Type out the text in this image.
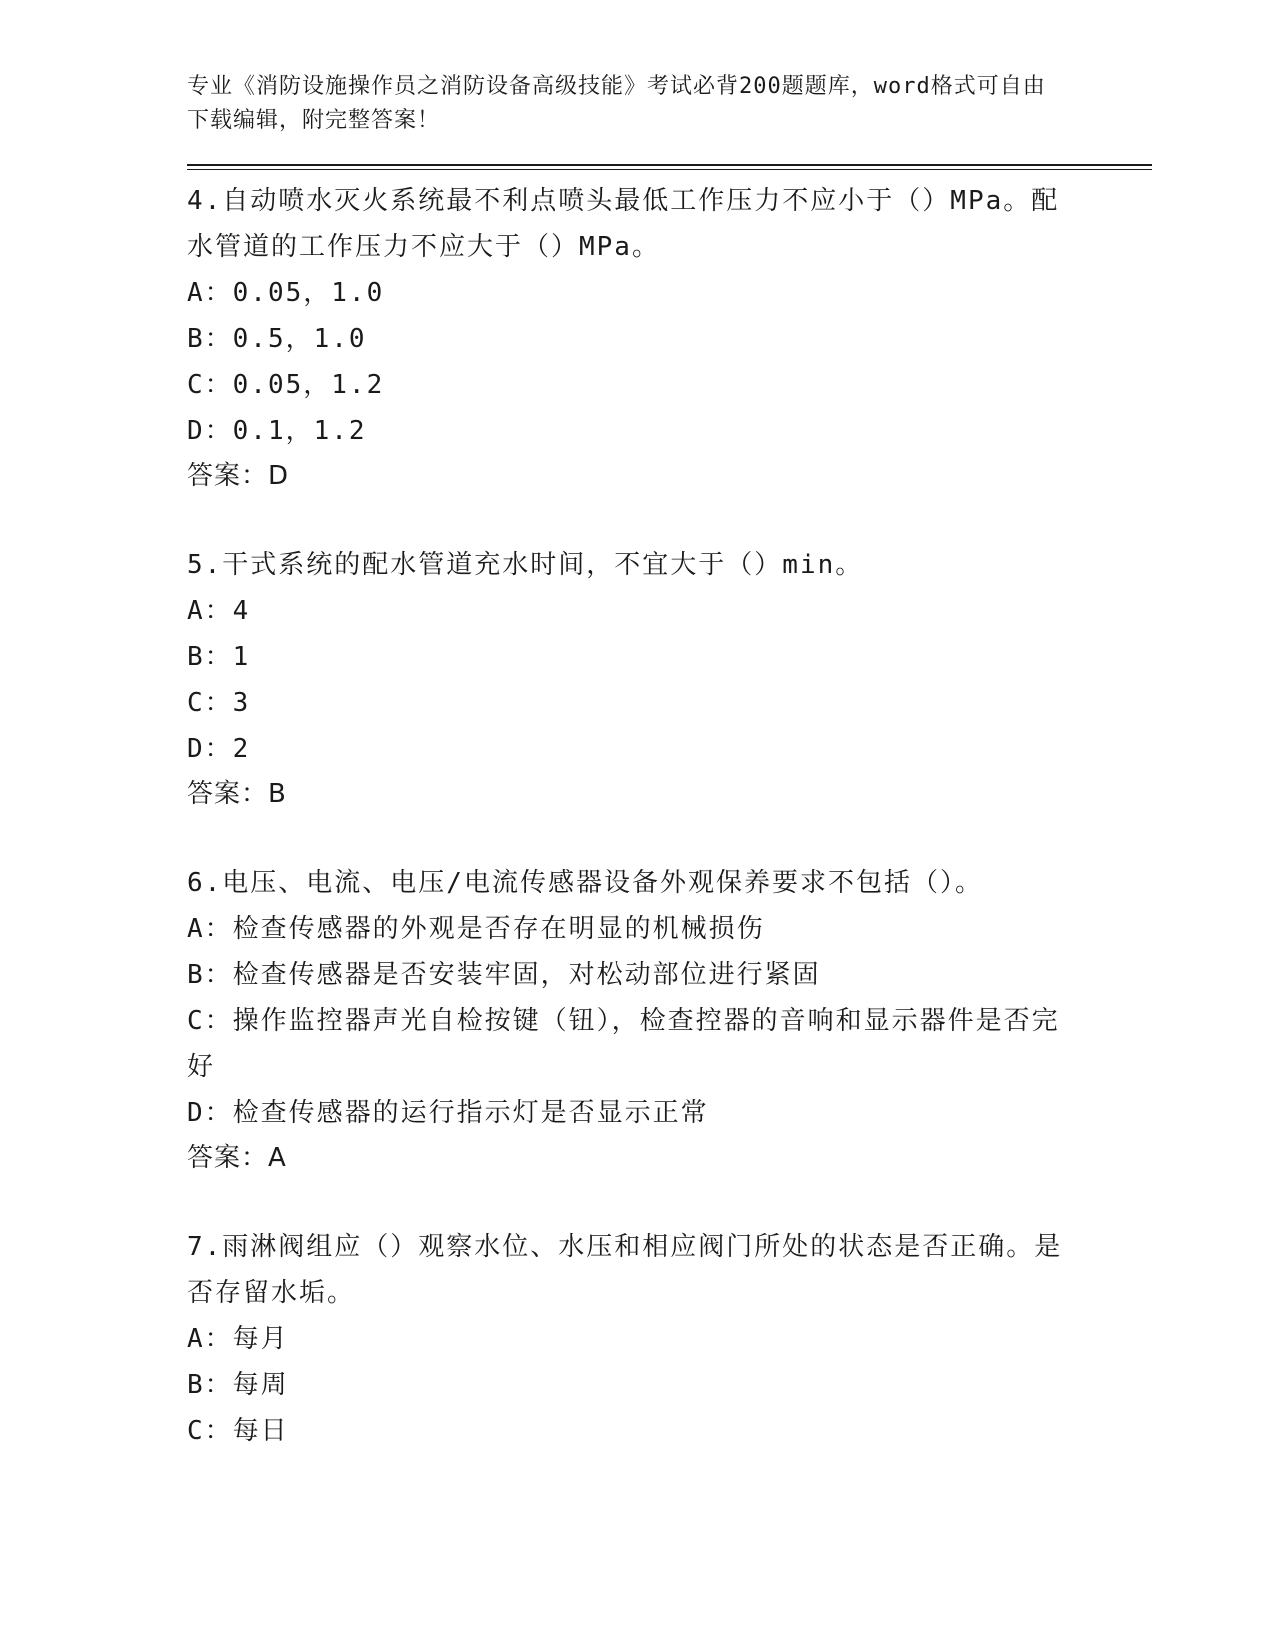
专业《消防设施操作员之消防设备高级技能》考试必背200题题库，word格式可自由下载编辑，附完整答案！
4.自动喷水灭火系统最不利点喷头最低工作压力不应小于（）MPa。配水管道的工作压力不应大于（）MPa。
A：0.05，1.0
B：0.5，1.0
C：0.05，1.2
D：0.1，1.2
答案：D
5.干式系统的配水管道充水时间，不宜大于（）min。
A：4
B：1
C：3
D：2
答案：B
6.电压、电流、电压/电流传感器设备外观保养要求不包括（）。
A：检查传感器的外观是否存在明显的机械损伤
B：检查传感器是否安装牢固，对松动部位进行紧固
C：操作监控器声光自检按键（钮），检查控器的音响和显示器件是否完好
D：检查传感器的运行指示灯是否显示正常
答案：A
7.雨淋阀组应（）观察水位、水压和相应阀门所处的状态是否正确。是否存留水垢。
A：每月
B：每周
C：每日
